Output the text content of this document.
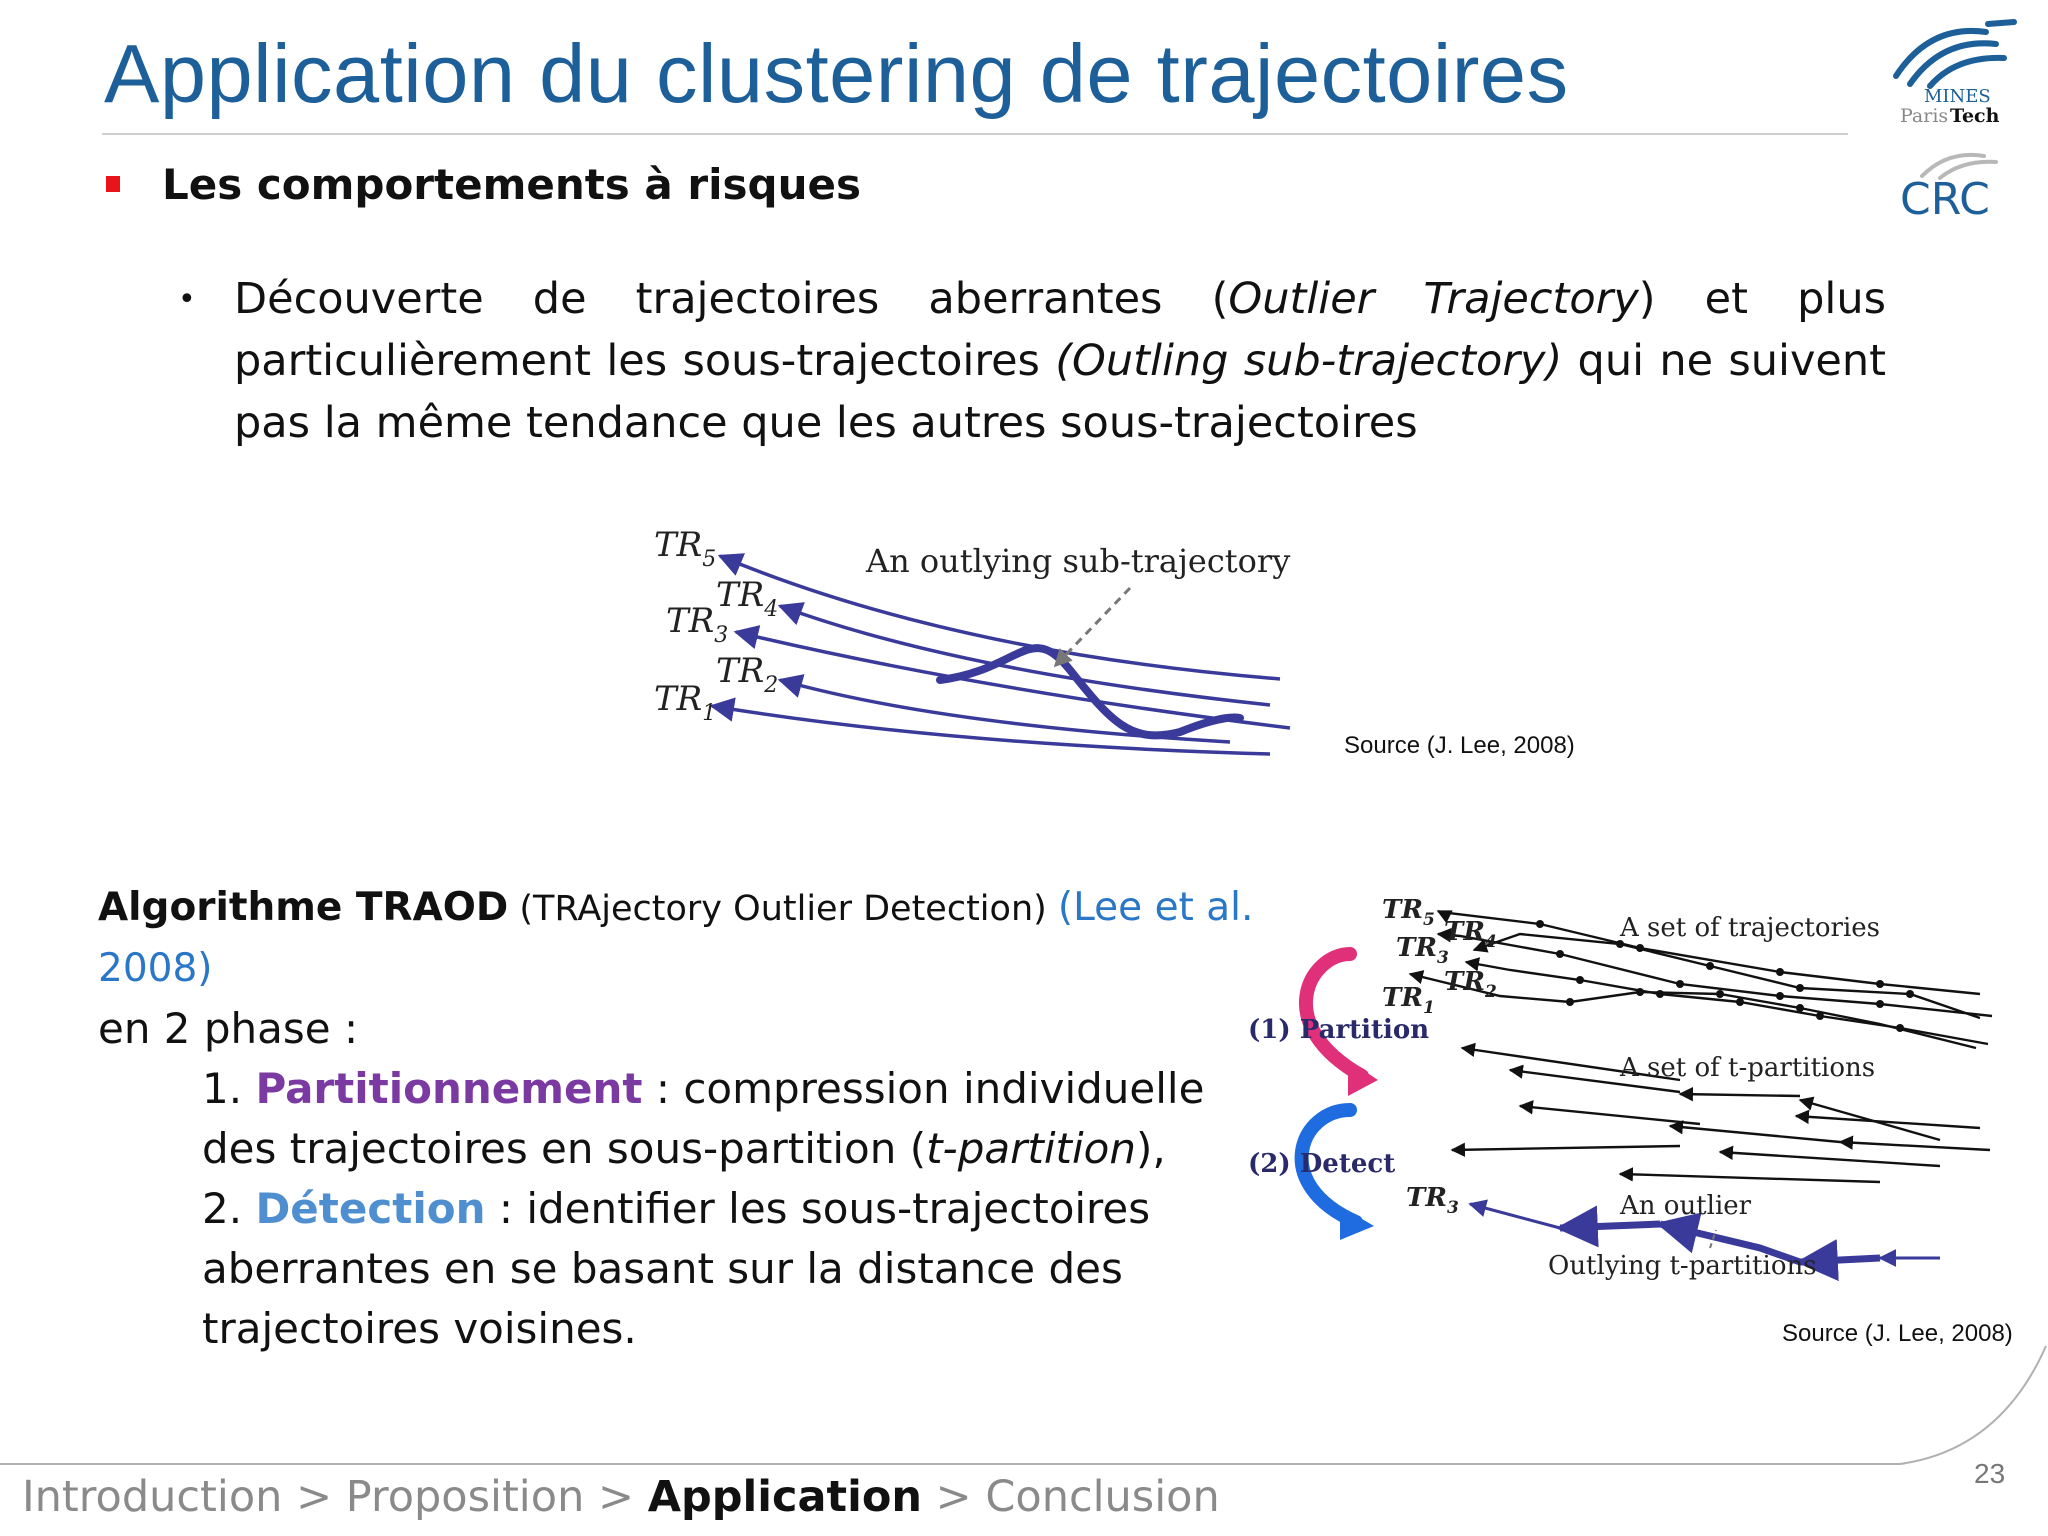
Application du clustering de trajectoires	MINES
Paris Tech
CRC
Les comportements à risques
• Découverte de trajectoires aberrantes (Outlier Trajectory) et plus particulièrement les sous-trajectoires (Outling sub-trajectory) qui ne suivent pas la même tendance que les autres sous-trajectoires
An outlying sub-trajectory
$TR_5$
$TR_4$
$TR_3$
$TR_2$
$TR_1$
Source (J. Lee, 2008)
Algorithme TRAOD (TRAjectory Outlier Detection) (Lee et al. 2008)
en 2 phase :
1. Partitionnement : compression individuelle des trajectoires en sous-partition (t-partition),
2. Détection : identifier les sous-trajectoires aberrantes en se basant sur la distance des trajectoires voisines.
A set of trajectories
A set of t-partitions
An outlier
Outlying t-partitions
(1) Partition
(2) Detect
$TR_5$ $TR_4$
$TR_3$
$TR_2$
$TR_1$
$TR_3$
Source (J. Lee, 2008)
23
Introduction > Proposition > Application > Conclusion
